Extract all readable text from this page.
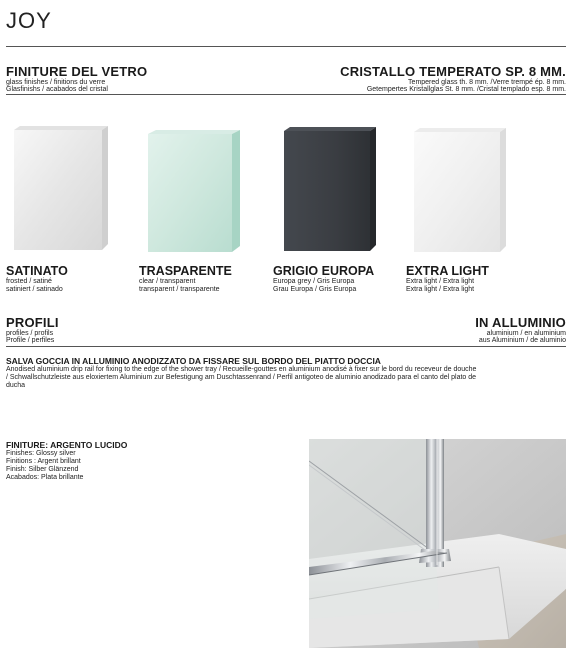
JOY
FINITURE DEL VETRO
glass finishes / finitions du verre
Glasfinishs / acabados del cristal
CRISTALLO TEMPERATO SP. 8 MM.
Tempered glass th. 8 mm. /Verre trempé ép. 8 mm.
Getempertes Kristallglas St. 8 mm. /Cristal templado esp. 8 mm.
SATINATO
frosted / satiné
satiniert / satinado
TRASPARENTE
clear / transparent
transparent / transparente
GRIGIO EUROPA
Europa grey / Gris Europa
Grau Europa / Gris Europa
EXTRA LIGHT
Extra light / Extra light
Extra light / Extra light
PROFILI
profiles / profils
Profile / perfiles
IN ALLUMINIO
aluminium / en aluminium
aus Aluminium / de aluminio
SALVA GOCCIA IN ALLUMINIO ANODIZZATO DA FISSARE SUL BORDO DEL PIATTO DOCCIA
Anodised aluminium drip rail for fixing to the edge of the shower tray / Recueille-gouttes en aluminium anodisé à fixer sur le bord du receveur de douche
/ Schwallschutzleiste aus eloxiertem Aluminium zur Befestigung am Duschtassenrand / Perfil antigoteo de aluminio anodizado para el canto del plato de
ducha
FINITURE: ARGENTO LUCIDO
Finishes: Glossy silver
Finitions : Argent brillant
Finish: Silber Glänzend
Acabados: Plata brillante
